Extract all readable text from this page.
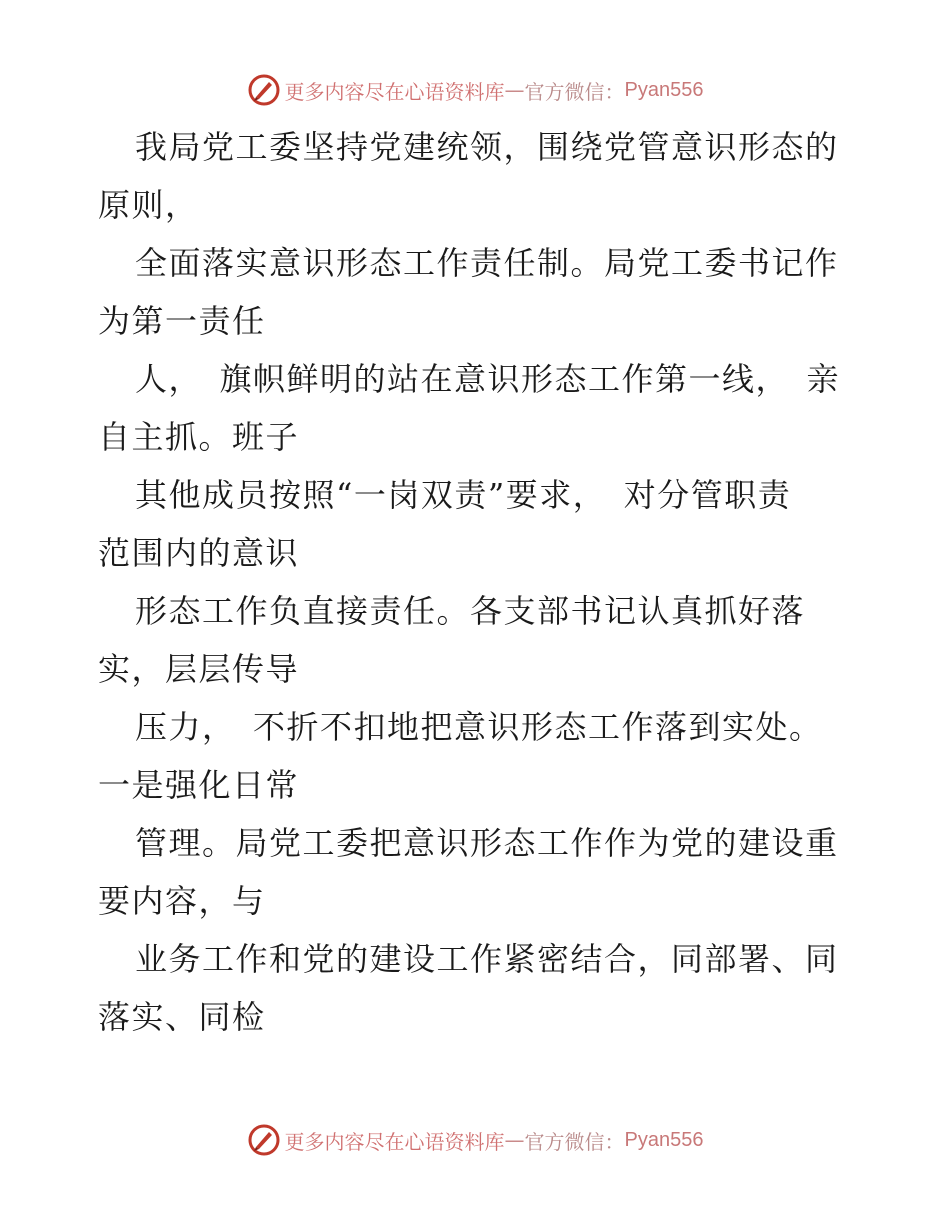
更多内容尽在心语资料库 — 官方微信： Pyan556
我局党工委坚持党建统领，围绕党管意识形态的
原则，
全面落实意识形态工作责任制。局党工委书记作
为第一责任
人，　旗帜鲜明的站在意识形态工作第一线，　亲
自主抓。班子
其他成员按照“一岗双责”要求，　对分管职责
范围内的意识
形态工作负直接责任。各支部书记认真抓好落
实，层层传导
压力，　不折不扣地把意识形态工作落到实处。
一是强化日常
管理。局党工委把意识形态工作作为党的建设重
要内容，与
业务工作和党的建设工作紧密结合，同部署、同
落实、同检
更多内容尽在心语资料库 — 官方微信： Pyan556
